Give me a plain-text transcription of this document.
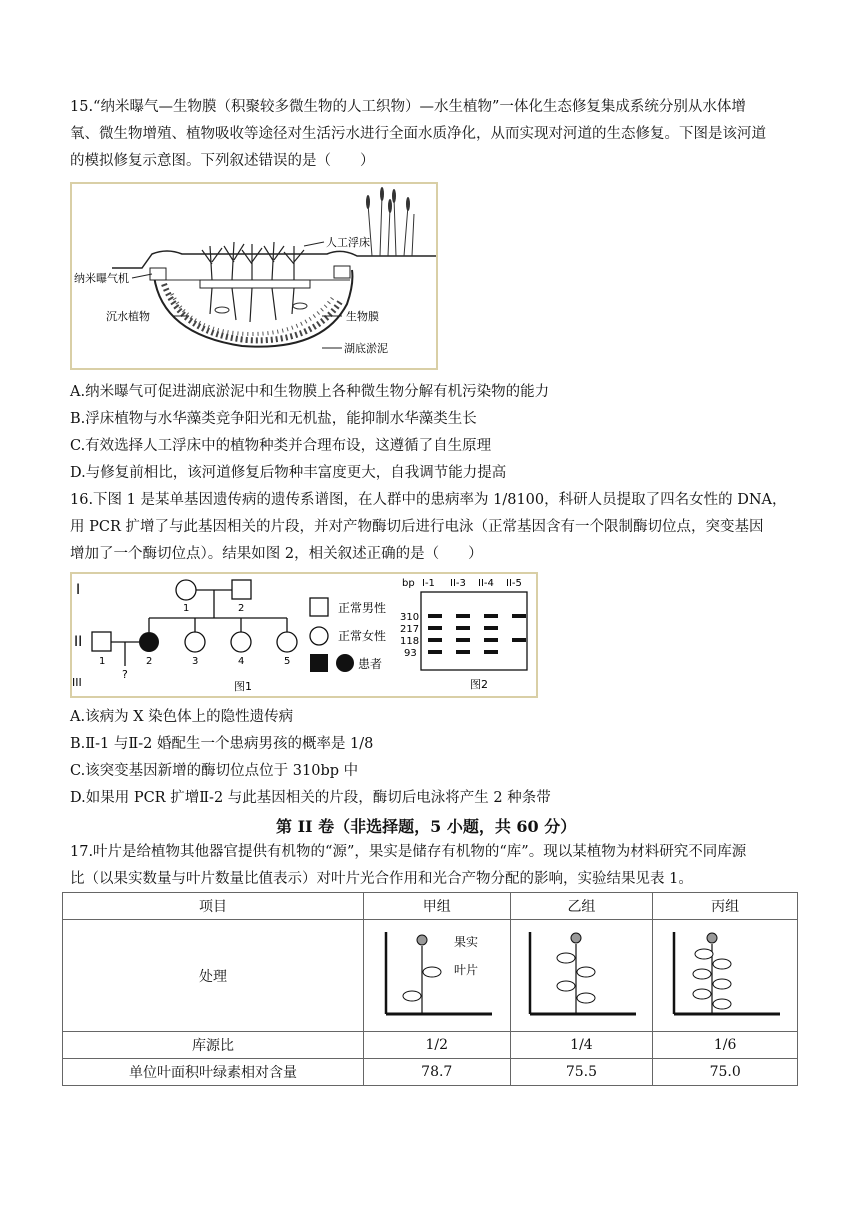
15.“纳米曝气—生物膜（积聚较多微生物的人工织物）—水生植物”一体化生态修复集成系统分别从水体增
氧、微生物增殖、植物吸收等途径对生活污水进行全面水质净化，从而实现对河道的生态修复。下图是该河道
的模拟修复示意图。下列叙述错误的是（　　）
人工浮床
纳米曝气机
沉水植物	生物膜
湖底淤泥
A.纳米曝气可促进湖底淤泥中和生物膜上各种微生物分解有机污染物的能力
B.浮床植物与水华藻类竞争阳光和无机盐，能抑制水华藻类生长
C.有效选择人工浮床中的植物种类并合理布设，这遵循了自生原理
D.与修复前相比，该河道修复后物种丰富度更大，自我调节能力提高
16.下图 1 是某单基因遗传病的遗传系谱图，在人群中的患病率为 1/8100，科研人员提取了四名女性的 DNA，
用 PCR 扩增了与此基因相关的片段，并对产物酶切后进行电泳（正常基因含有一个限制酶切位点，突变基因
增加了一个酶切位点）。结果如图 2，相关叙述正确的是（　　）
I
II
III
1	2
1	2	3	4	5
?
图1
正常男性
正常女性
患者
bp I-1 II-3 II-4 II-5
310
217
118
93
图2
A.该病为 X 染色体上的隐性遗传病
B.Ⅱ-1 与Ⅱ-2 婚配生一个患病男孩的概率是 1/8
C.该突变基因新增的酶切位点位于 310bp 中
D.如果用 PCR 扩增Ⅱ-2 与此基因相关的片段，酶切后电泳将产生 2 种条带
第 II 卷（非选择题，5 小题，共 60 分）
17.叶片是给植物其他器官提供有机物的“源”，果实是储存有机物的“库”。现以某植物为材料研究不同库源
比（以果实数量与叶片数量比值表示）对叶片光合作用和光合产物分配的影响，实验结果见表 1。
项目	甲组	乙组	丙组
处理	果实
叶片

库源比	1/2	1/4	1/6
单位叶面积叶绿素相对含量	78.7	75.5	75.0
